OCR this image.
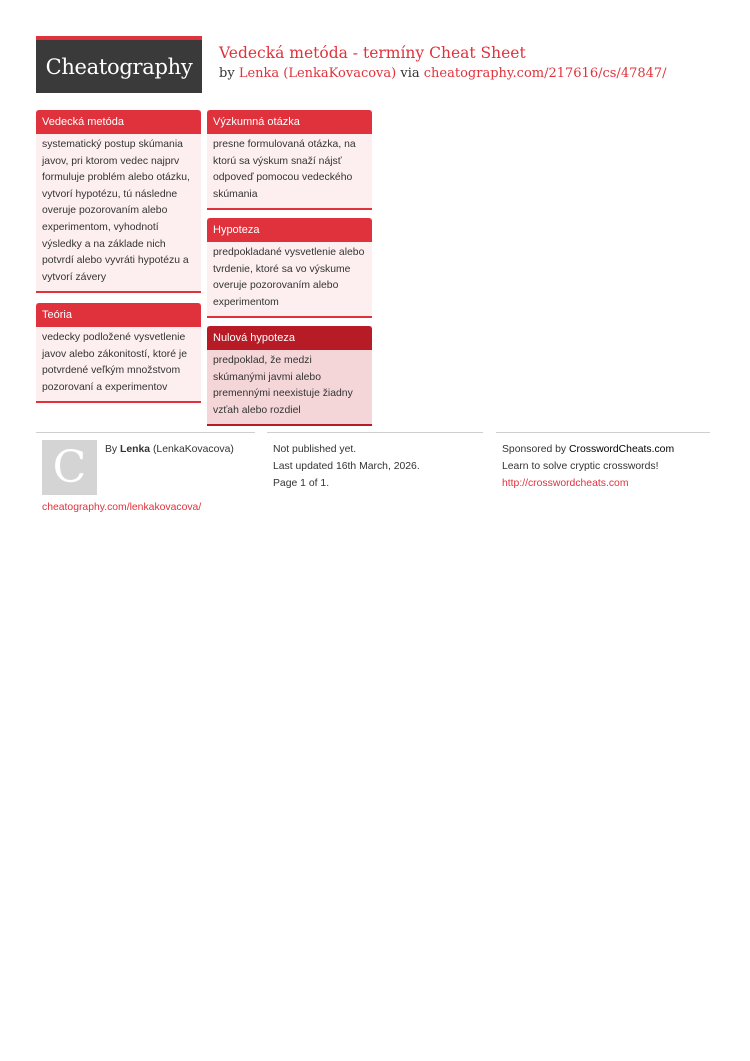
Cheatography
Vedecká metóda - termíny Cheat Sheet
by Lenka (LenkaKovacova) via cheatography.com/217616/cs/47847/
Vedecká metóda
systematický postup skúmania
javov, pri ktorom vedec najprv
formuluje problém alebo otázku,
vytvorí hypotézu, tú následne
overuje pozorovaním alebo
experimentom, vyhodnotí
výsledky a na základe nich
potvrdí alebo vyvráti hypotézu a
vytvorí závery
Teória
vedecky podložené vysvetlenie
javov alebo zákonitostí, ktoré je
potvrdené veľkým množstvom
pozorovaní a experimentov
Výzkumná otázka
presne formulovaná otázka, na
ktorú sa výskum snaží nájsť
odpoveď pomocou vedeckého
skúmania
Hypoteza
predpokladané vysvetlenie alebo
tvrdenie, ktoré sa vo výskume
overuje pozorovaním alebo
experimentom
Nulová hypoteza
predpoklad, že medzi
skúmanými javmi alebo
premennými neexistuje žiadny
vzťah alebo rozdiel
C By Lenka (LenkaKovacova)
cheatography.com/lenkakovacova/
Not published yet.
Last updated 16th March, 2026.
Page 1 of 1.
Sponsored by CrosswordCheats.com
Learn to solve cryptic crosswords!
http://crosswordcheats.com
